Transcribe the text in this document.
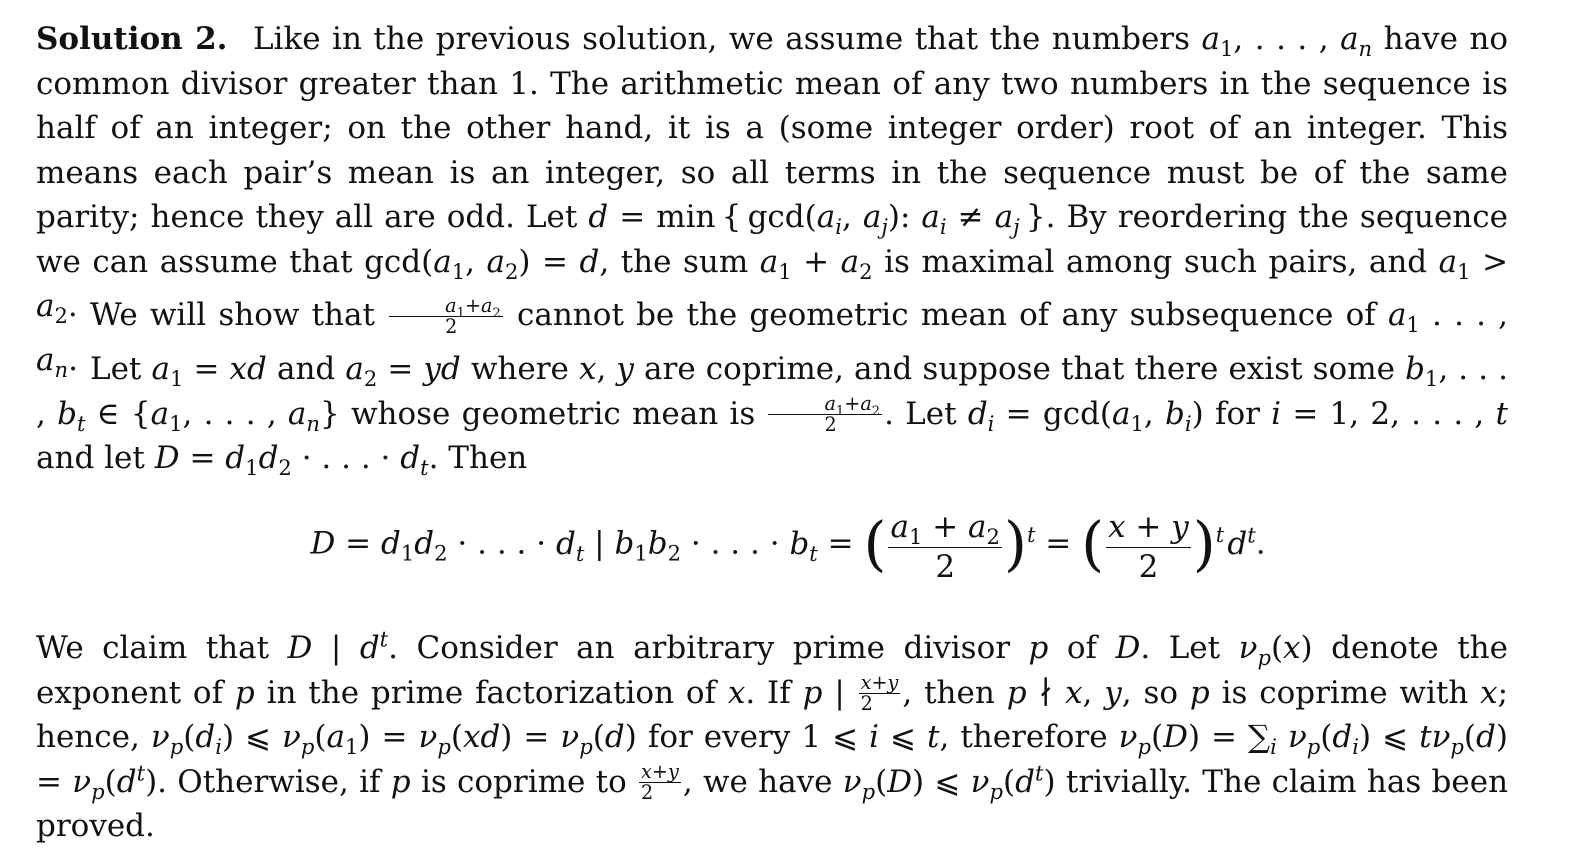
Solution 2. Like in the previous solution, we assume that the numbers $a_1$, . . . , $a_n$ have no common divisor greater than 1. The arithmetic mean of any two numbers in the sequence is half of an integer; on the other hand, it is a (some integer order) root of an integer. This means each pair’s mean is an integer, so all terms in the sequence must be of the same parity; hence they all are odd. Let d = min { $\gcd(a_i$, $a_j$): $a_i \ne a_j$ }. By reordering the sequence we can assume that $\gcd(a_1$, $a_2) = d$, the sum $a_1 + a_2$ is maximal among such pairs, and $a_1 > a_2$. We will show that $\frac{a_1+a_2}{2}$ cannot be the geometric mean of any subsequence of $a_1$ . . . , $a_n$. Let $a_1$ = xd and $a_2$ = yd where x, y are coprime, and suppose that there exist some $b_1$, . . . , $b_t$ ∈ {$a_1$, . . . , $a_n$} whose geometric mean is $\frac{a_1+a_2}{2}$ . Let $d_i = \gcd(a_1$, $b_i$) for i = 1, 2, . . . , t and let $D = d_1d_2$ · . . . · $d_t$. Then

$D = d_1d_2$ · . . . · $d_t$ | $b_1b_2$ · . . . · $b_t$ = ( $\frac{a_1 + a_2}{2} )^t$ = ( $\frac{x + y}{2} )^t$ $d^t$.

We claim that D | $d^t$. Consider an arbitrary prime divisor p of D. Let $\nu_p(x)$ denote the exponent of p in the prime factorization of x. If p | $\frac{x+y}{2}$ , then p ∤ x, y, so p is coprime with x; hence, $\nu_p(d_i)$ ⩽ $\nu_p(a_1) = \nu_p(xd) = \nu_p(d)$ for every 1 ⩽ i ⩽ t, therefore $\nu_p(D) = \sum_i$ $\nu_p(d_i)$ ⩽ $t\nu_p(d) = \nu_p(d^t)$. Otherwise, if p is coprime to $\frac{x+y}{2}$ , we have $\nu_p(D)$ ⩽ $\nu_p(d^t)$ trivially. The claim has been proved.
